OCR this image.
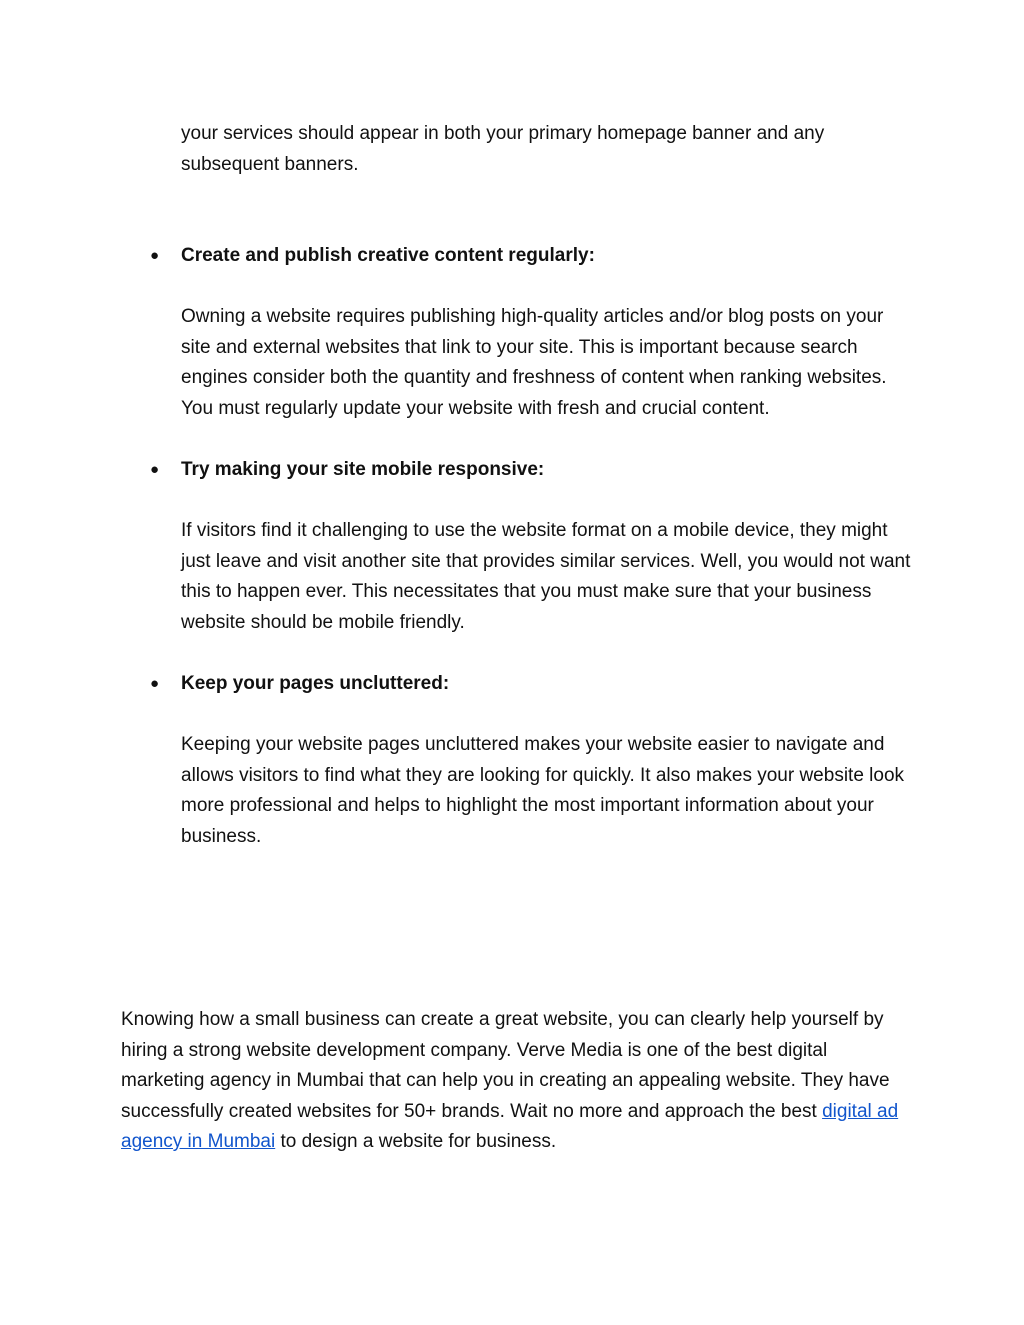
your services should appear in both your primary homepage banner and any subsequent banners.

● Create and publish creative content regularly:

Owning a website requires publishing high-quality articles and/or blog posts on your site and external websites that link to your site. This is important because search engines consider both the quantity and freshness of content when ranking websites. You must regularly update your website with fresh and crucial content.

● Try making your site mobile responsive:

If visitors find it challenging to use the website format on a mobile device, they might just leave and visit another site that provides similar services. Well, you would not want this to happen ever. This necessitates that you must make sure that your business website should be mobile friendly.

● Keep your pages uncluttered:

Keeping your website pages uncluttered makes your website easier to navigate and allows visitors to find what they are looking for quickly. It also makes your website look more professional and helps to highlight the most important information about your business.

Knowing how a small business can create a great website, you can clearly help yourself by hiring a strong website development company. Verve Media is one of the best digital marketing agency in Mumbai that can help you in creating an appealing website. They have successfully created websites for 50+ brands. Wait no more and approach the best digital ad agency in Mumbai to design a website for business.
